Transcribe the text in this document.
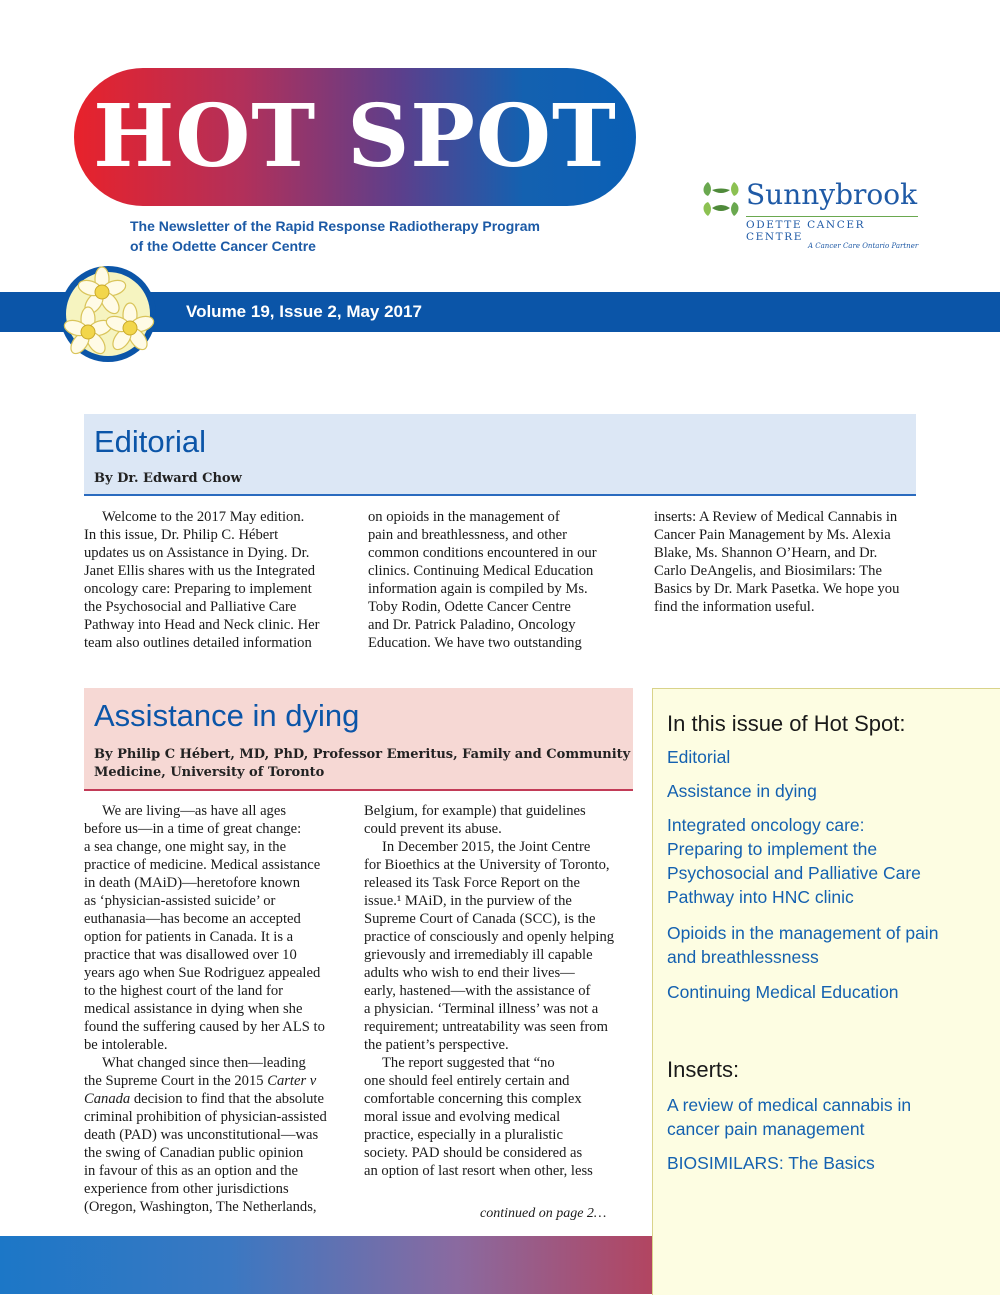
HOT SPOT
The Newsletter of the Rapid Response Radiotherapy Program
of the Odette Cancer Centre
Sunnybrook
ODETTE CANCER CENTRE
A Cancer Care Ontario Partner
Volume 19, Issue 2, May 2017
Editorial
By Dr. Edward Chow
Welcome to the 2017 May edition.
In this issue, Dr. Philip C. Hébert
updates us on Assistance in Dying. Dr.
Janet Ellis shares with us the Integrated
oncology care: Preparing to implement
the Psychosocial and Palliative Care
Pathway into Head and Neck clinic. Her
team also outlines detailed information
on opioids in the management of
pain and breathlessness, and other
common conditions encountered in our
clinics. Continuing Medical Education
information again is compiled by Ms.
Toby Rodin, Odette Cancer Centre
and Dr. Patrick Paladino, Oncology
Education. We have two outstanding
inserts: A Review of Medical Cannabis in
Cancer Pain Management by Ms. Alexia
Blake, Ms. Shannon O’Hearn, and Dr.
Carlo DeAngelis, and Biosimilars: The
Basics by Dr. Mark Pasetka. We hope you
find the information useful.
Assistance in dying
By Philip C Hébert, MD, PhD, Professor Emeritus, Family and Community
Medicine, University of Toronto
We are living—as have all ages
before us—in a time of great change:
a sea change, one might say, in the
practice of medicine. Medical assistance
in death (MAiD)—heretofore known
as ‘physician-assisted suicide’ or
euthanasia—has become an accepted
option for patients in Canada. It is a
practice that was disallowed over 10
years ago when Sue Rodriguez appealed
to the highest court of the land for
medical assistance in dying when she
found the suffering caused by her ALS to
be intolerable.
What changed since then—leading
the Supreme Court in the 2015 Carter v
Canada decision to find that the absolute
criminal prohibition of physician-assisted
death (PAD) was unconstitutional—was
the swing of Canadian public opinion
in favour of this as an option and the
experience from other jurisdictions
(Oregon, Washington, The Netherlands,
Belgium, for example) that guidelines
could prevent its abuse.
In December 2015, the Joint Centre
for Bioethics at the University of Toronto,
released its Task Force Report on the
issue.¹ MAiD, in the purview of the
Supreme Court of Canada (SCC), is the
practice of consciously and openly helping
grievously and irremediably ill capable
adults who wish to end their lives—
early, hastened—with the assistance of
a physician. ‘Terminal illness’ was not a
requirement; untreatability was seen from
the patient’s perspective.
The report suggested that “no
one should feel entirely certain and
comfortable concerning this complex
moral issue and evolving medical
practice, especially in a pluralistic
society. PAD should be considered as
an option of last resort when other, less
continued on page 2…
In this issue of Hot Spot:
Editorial
Assistance in dying
Integrated oncology care:
Preparing to implement the
Psychosocial and Palliative Care
Pathway into HNC clinic
Opioids in the management of pain
and breathlessness
Continuing Medical Education
Inserts:
A review of medical cannabis in
cancer pain management
BIOSIMILARS: The Basics
